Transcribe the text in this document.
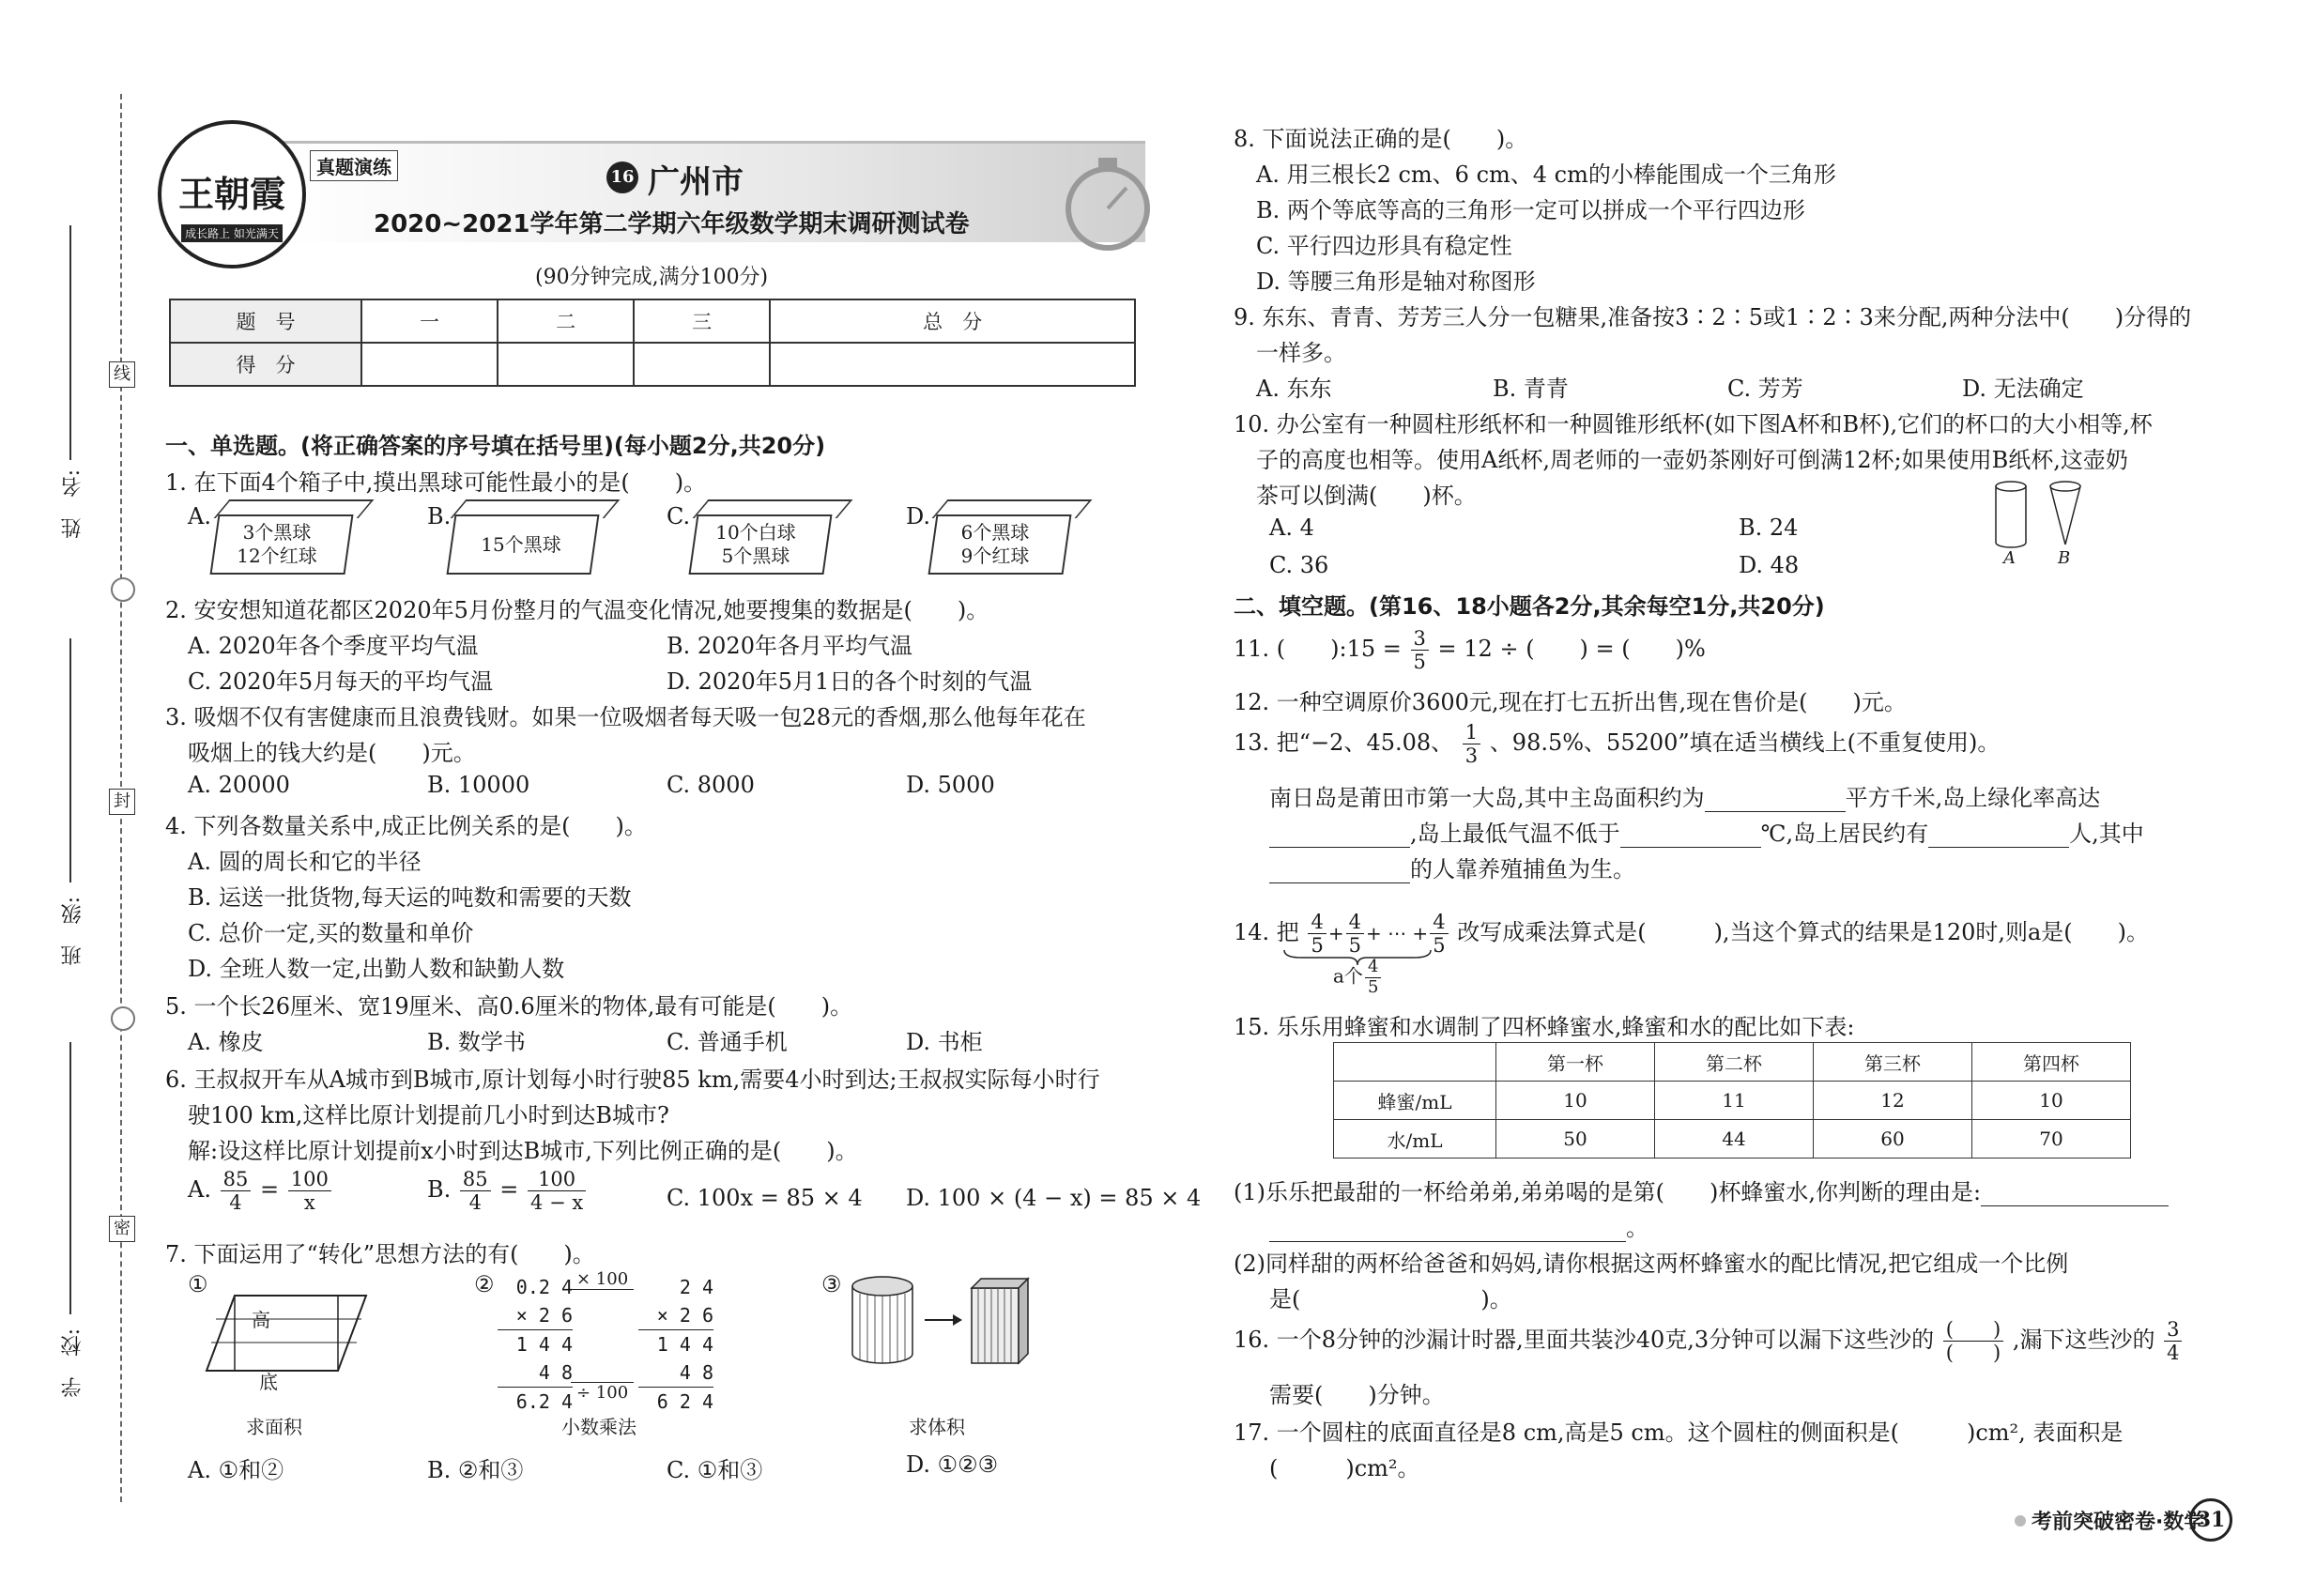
线
封
密
姓　名:
班　级:
学　校:
王朝霞
成长路上 如光满天
真题演练	16 广州市
2020~2021学年第二学期六年级数学期末调研测试卷
(90分钟完成,满分100分)
题　号	一	二	三	总　分
得　分				
一、单选题。(将正确答案的序号填在括号里)(每小题2分,共20分)
1. 在下面4个箱子中,摸出黑球可能性最小的是(　　)。
A.
3个黑球
12个红球
B.
15个黑球
C.
10个白球
5个黑球
D.
6个黑球
9个红球
2. 安安想知道花都区2020年5月份整月的气温变化情况,她要搜集的数据是(　　)。
A. 2020年各个季度平均气温	B. 2020年各月平均气温
C. 2020年5月每天的平均气温	D. 2020年5月1日的各个时刻的气温
3. 吸烟不仅有害健康而且浪费钱财。如果一位吸烟者每天吸一包28元的香烟,那么他每年花在
吸烟上的钱大约是(　　)元。
A. 20000	B. 10000	C. 8000	D. 5000
4. 下列各数量关系中,成正比例关系的是(　　)。
A. 圆的周长和它的半径
B. 运送一批货物,每天运的吨数和需要的天数
C. 总价一定,买的数量和单价
D. 全班人数一定,出勤人数和缺勤人数
5. 一个长26厘米、宽19厘米、高0.6厘米的物体,最有可能是(　　)。
A. 橡皮	B. 数学书	C. 普通手机	D. 书柜
6. 王叔叔开车从A城市到B城市,原计划每小时行驶85 km,需要4小时到达;王叔叔实际每小时行
驶100 km,这样比原计划提前几小时到达B城市?
解:设这样比原计划提前x小时到达B城市,下列比例正确的是(　　)。
A. $\frac{85}{4} = \frac{100}{x}$	B. $\frac{85}{4} = \frac{100}{4 - x}$	C. 100x = 85 × 4 D. 100 × (4 − x) = 85 × 4
7. 下面运用了“转化”思想方法的有(　　)。
①
高
底
求面积
②	0.2 4
× 2 6
1 4 4
4 8
6.2 4
2 4
× 2 6
1 4 4
4 8
6 2 4
× 100
÷ 100
小数乘法
③
求体积
A. ①和②	B. ②和③	C. ①和③	D. ①②③
8. 下面说法正确的是(　　)。
A. 用三根长2 cm、6 cm、4 cm的小棒能围成一个三角形
B. 两个等底等高的三角形一定可以拼成一个平行四边形
C. 平行四边形具有稳定性
D. 等腰三角形是轴对称图形
9. 东东、青青、芳芳三人分一包糖果,准备按3∶2∶5或1∶2∶3来分配,两种分法中(　　)分得的
一样多。
A. 东东	B. 青青	C. 芳芳	D. 无法确定
10. 办公室有一种圆柱形纸杯和一种圆锥形纸杯(如下图A杯和B杯),它们的杯口的大小相等,杯
子的高度也相等。使用A纸杯,周老师的一壶奶茶刚好可倒满12杯;如果使用B纸杯,这壶奶
茶可以倒满(　　)杯。
A. 4	B. 24
C. 36	D. 48	A	B
二、填空题。(第16、18小题各2分,其余每空1分,共20分)
11. (　　):15 = $\frac{3}{5} = 12$ ÷ (　　) = (　　)%
12. 一种空调原价3600元,现在打七五折出售,现在售价是(　　)元。
13. 把“−2、45.08、 $\frac{1}{3}$ 、98.5%、55200”填在适当横线上(不重复使用)。
南日岛是莆田市第一大岛,其中主岛面积约为	平方千米,岛上绿化率高达
,岛上最低气温不低于	℃,岛上居民约有	人,其中
的人靠养殖捕鱼为生。
14. 把 $\frac{4}{5} + \frac{4}{5}$ + ⋯ + $\frac{4}{5}$ 改写成乘法算式是(　　　),当这个算式的结果是120时,则a是(　　)。
a个 $\frac{4}{5}$
15. 乐乐用蜂蜜和水调制了四杯蜂蜜水,蜂蜜和水的配比如下表:
	第一杯	第二杯	第三杯	第四杯
蜂蜜/mL	10	11	12	10
水/mL	50	44	60	70
(1)乐乐把最甜的一杯给弟弟,弟弟喝的是第(　　)杯蜂蜜水,你判断的理由是:
。
(2)同样甜的两杯给爸爸和妈妈,请你根据这两杯蜂蜜水的配比情况,把它组成一个比例
是(　　　　　　　　)。
16. 一个8分钟的沙漏计时器,里面共装沙40克,3分钟可以漏下这些沙的 $\frac{( )}{( )}$ ,漏下这些沙的 $\frac{3}{4}$
需要(　　)分钟。
17. 一个圆柱的底面直径是8 cm,高是5 cm。这个圆柱的侧面积是(　　　)cm², 表面积是
(　　　)cm²。
考前突破密卷·数学
31
